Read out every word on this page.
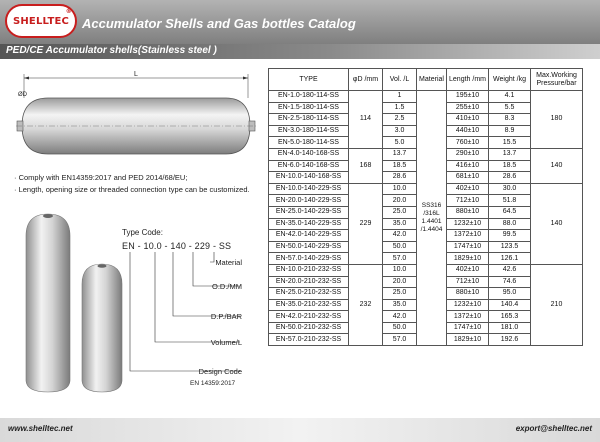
SHELLTEC
®
Accumulator Shells and Gas bottles Catalog
PED/CE Accumulator shells(Stainless steel )
L
ØD
· Comply with EN14359:2017 and PED 2014/68/EU;
· Length, opening size or threaded connection type can be customized.
Type Code:
EN - 10.0 - 140 - 229 - SS
Material
O.D./MM
D.P./BAR
Volume/L
Design Code
EN 14359:2017
TYPE	φD /mm	Vol. /L	Material	Length /mm	Weight /kg	Max.Working Pressure/bar
EN-1.0-180-114-SS	114	1	SS316 /316L 1.4401 /1.4404	195±10	4.1	180
EN-1.5-180-114-SS		1.5		255±10	5.5	
EN-2.5-180-114-SS		2.5		410±10	8.3	
EN-3.0-180-114-SS		3.0		440±10	8.9	
EN-5.0-180-114-SS		5.0		760±10	15.5	
EN-4.0-140-168-SS	168	13.7		290±10	13.7	140
EN-6.0-140-168-SS		18.5		416±10	18.5	
EN-10.0-140-168-SS		28.6		681±10	28.6	
EN-10.0-140-229-SS	229	10.0		402±10	30.0	140
EN-20.0-140-229-SS		20.0		712±10	51.8	
EN-25.0-140-229-SS		25.0		880±10	64.5	
EN-35.0-140-229-SS		35.0		1232±10	88.0	
EN-42.0-140-229-SS		42.0		1372±10	99.5	
EN-50.0-140-229-SS		50.0		1747±10	123.5	
EN-57.0-140-229-SS		57.0		1829±10	126.1	
EN-10.0-210-232-SS	232	10.0		402±10	42.6	210
EN-20.0-210-232-SS		20.0		712±10	74.6	
EN-25.0-210-232-SS		25.0		880±10	95.0	
EN-35.0-210-232-SS		35.0		1232±10	140.4	
EN-42.0-210-232-SS		42.0		1372±10	165.3	
EN-50.0-210-232-SS		50.0		1747±10	181.0	
EN-57.0-210-232-SS		57.0		1829±10	192.6	
www.shelltec.net	export@shelltec.net
